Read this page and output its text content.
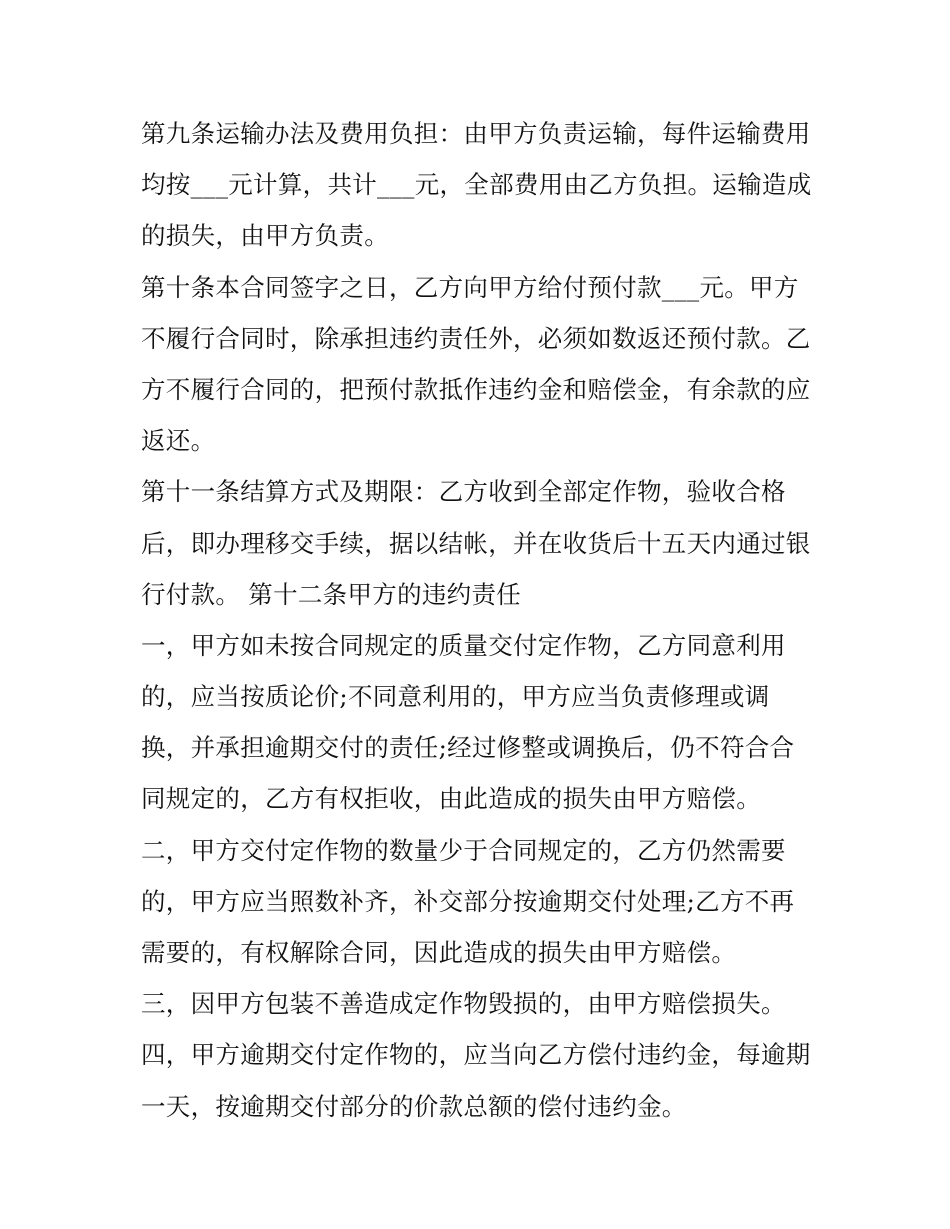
第九条运输办法及费用负担：由甲方负责运输，每件运输费用
均按___元计算，共计___元，全部费用由乙方负担。运输造成
的损失，由甲方负责。
第十条本合同签字之日，乙方向甲方给付预付款___元。甲方
不履行合同时，除承担违约责任外，必须如数返还预付款。乙
方不履行合同的，把预付款抵作违约金和赔偿金，有余款的应
返还。
第十一条结算方式及期限：乙方收到全部定作物，验收合格
后，即办理移交手续，据以结帐，并在收货后十五天内通过银
行付款。 第十二条甲方的违约责任
一，甲方如未按合同规定的质量交付定作物，乙方同意利用
的，应当按质论价;不同意利用的，甲方应当负责修理或调
换，并承担逾期交付的责任;经过修整或调换后，仍不符合合
同规定的，乙方有权拒收，由此造成的损失由甲方赔偿。
二，甲方交付定作物的数量少于合同规定的，乙方仍然需要
的，甲方应当照数补齐，补交部分按逾期交付处理;乙方不再
需要的，有权解除合同，因此造成的损失由甲方赔偿。
三，因甲方包装不善造成定作物毁损的，由甲方赔偿损失。
四，甲方逾期交付定作物的，应当向乙方偿付违约金，每逾期
一天，按逾期交付部分的价款总额的偿付违约金。
